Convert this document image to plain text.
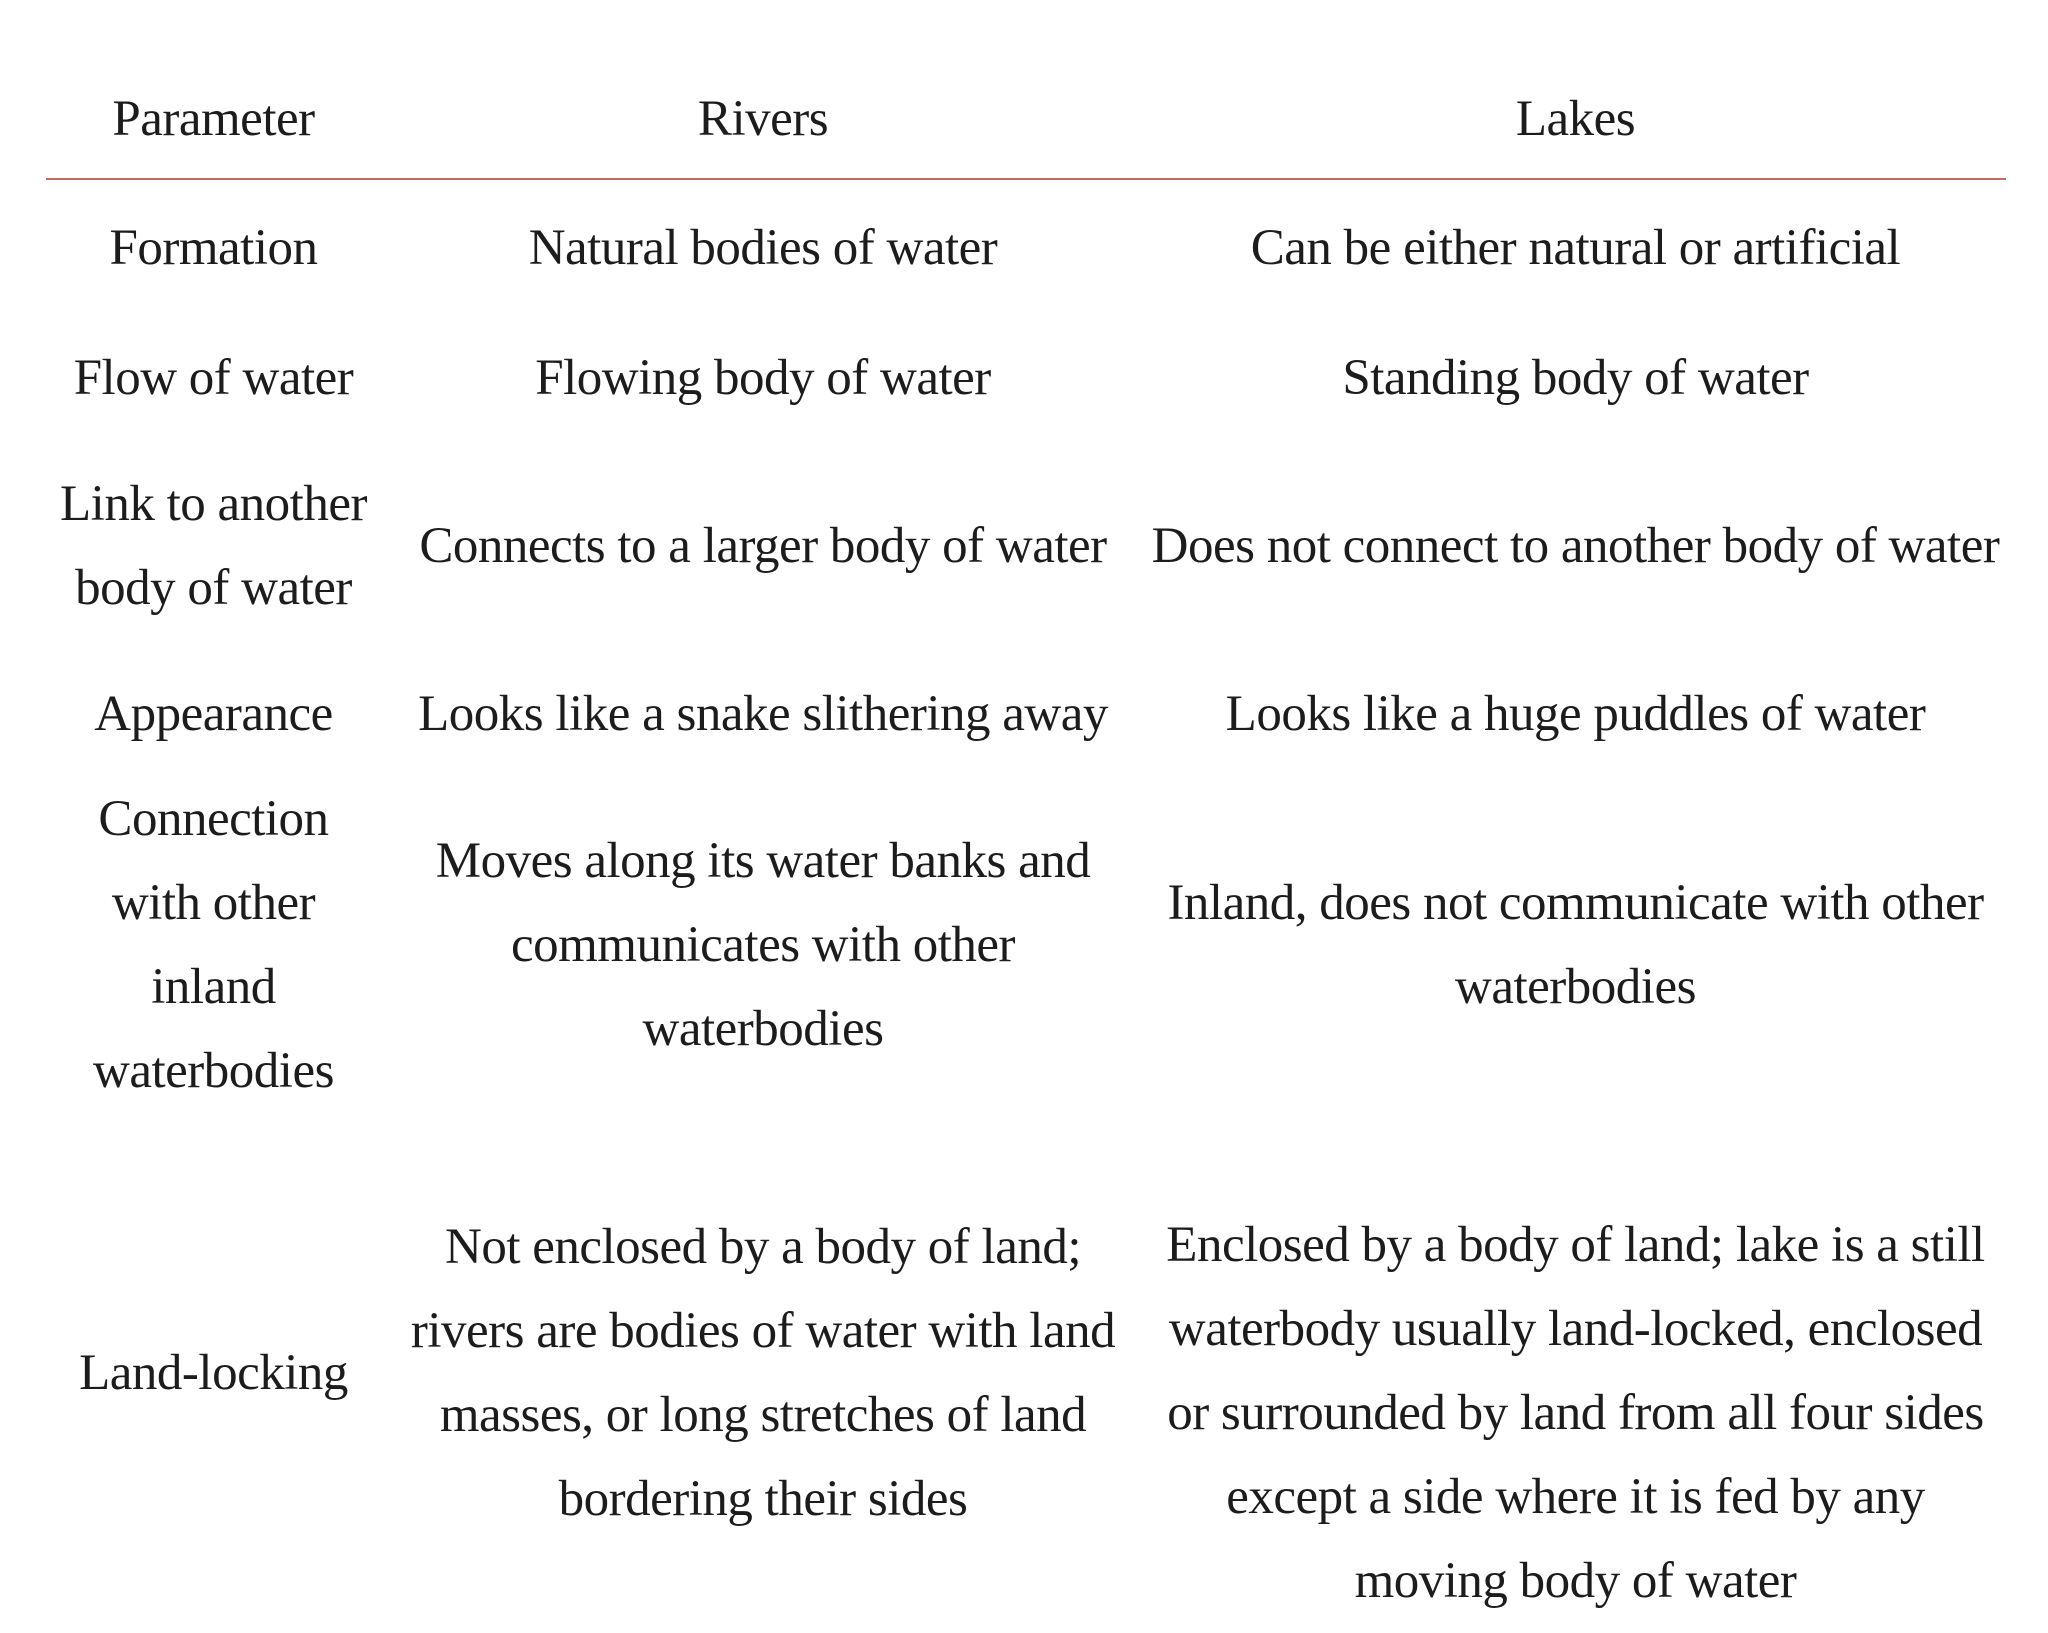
Parameter	Rivers	Lakes
Formation	Natural bodies of water	Can be either natural or artificial
Flow of water	Flowing body of water	Standing body of water
Link to another body of water	Connects to a larger body of water	Does not connect to another body of water
Appearance	Looks like a snake slithering away	Looks like a huge puddles of water
Connection with other inland waterbodies	Moves along its water banks and communicates with other waterbodies	Inland, does not communicate with other waterbodies
Land-locking	Not enclosed by a body of land; rivers are bodies of water with land masses, or long stretches of land bordering their sides	Enclosed by a body of land; lake is a still waterbody usually land-locked, enclosed or surrounded by land from all four sides except a side where it is fed by any moving body of water
